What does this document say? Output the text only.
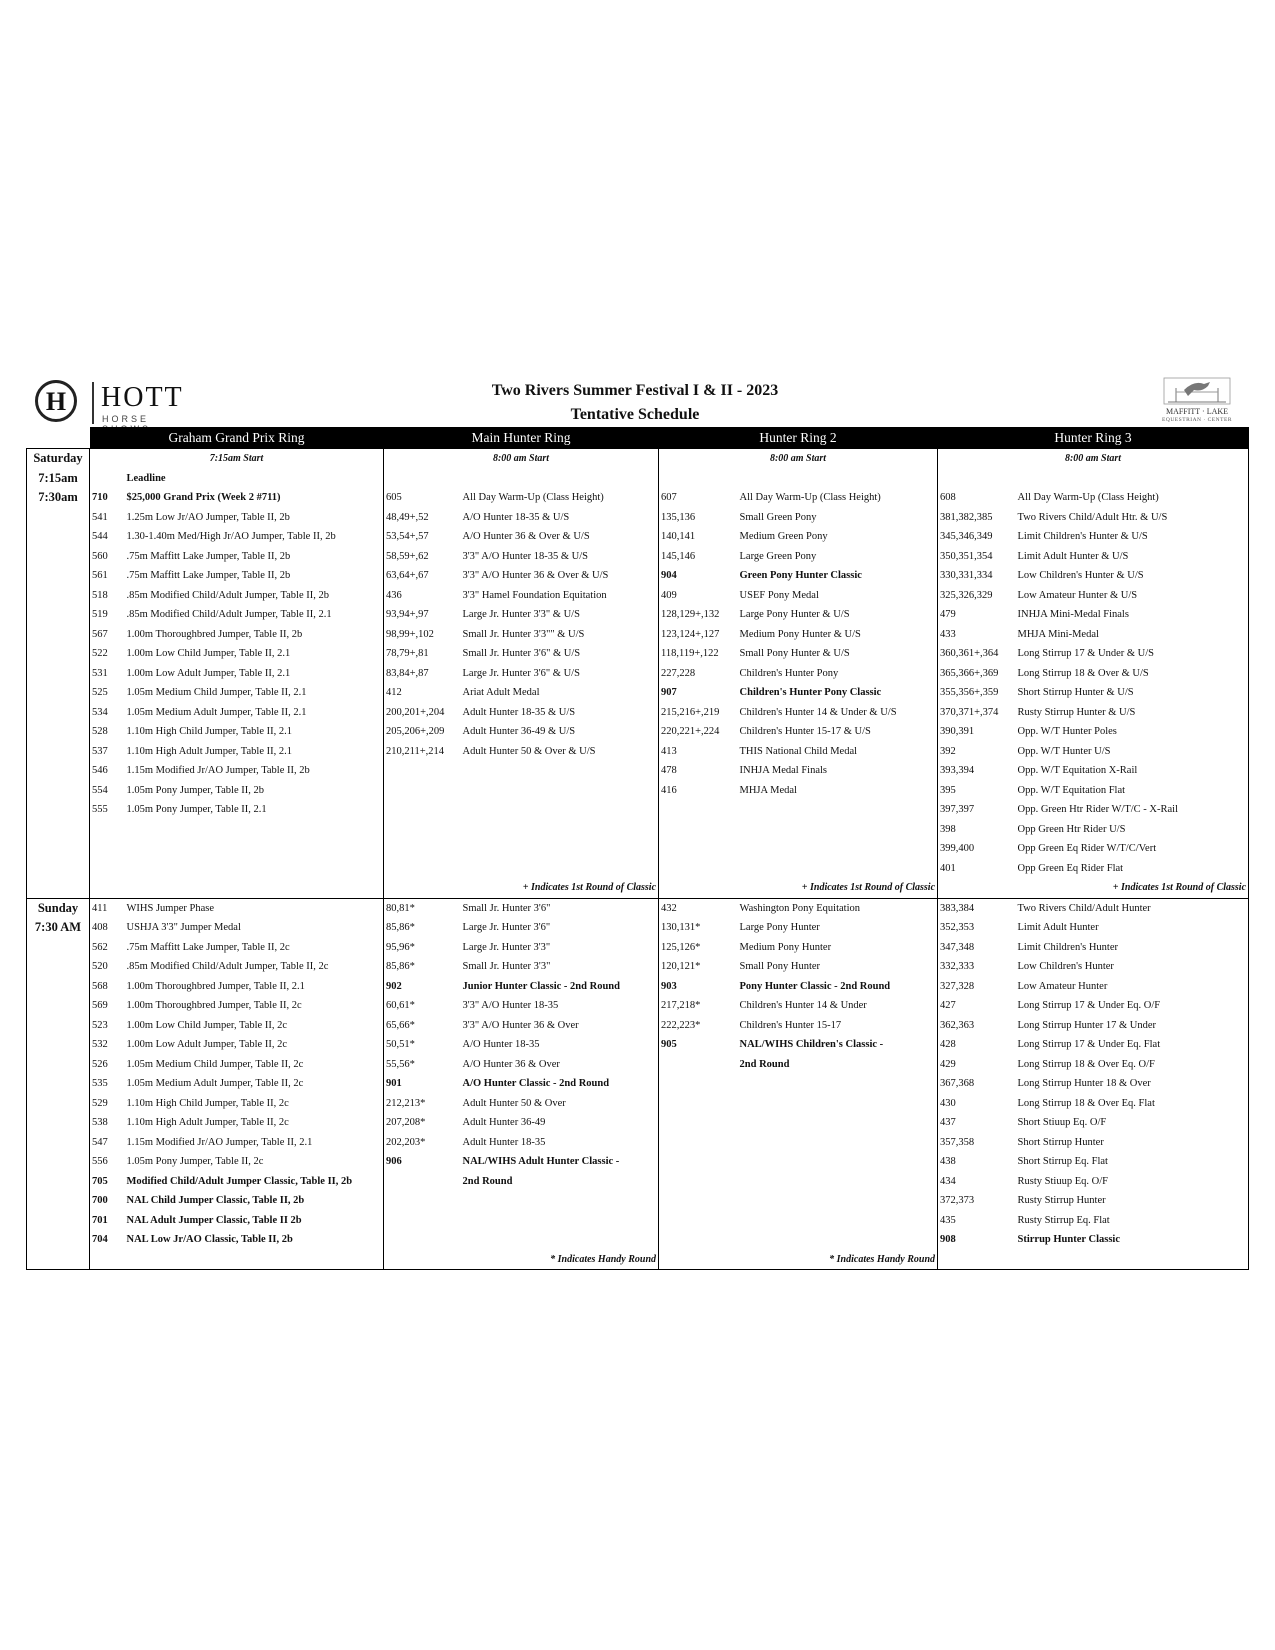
H HOTT
HORSE
Two Rivers Summer Festival I & II - 2023
Tentative Schedule	MAFFITT · LAKE
EQUESTRIAN · CENTER
	Graham Grand Prix Ring		Main Hunter Ring		Hunter Ring 2		Hunter Ring 3	
Saturday	7:15am Start		8:00 am Start		8:00 am Start		8:00 am Start	
7:15am		Leadline						
7:30am	710	$25,000 Grand Prix (Week 2 #711)	605	All Day Warm-Up (Class Height)	607	All Day Warm-Up (Class Height)	608	All Day Warm-Up (Class Height)
	541	1.25m Low Jr/AO Jumper, Table II, 2b	48,49+,52	A/O Hunter 18-35 & U/S	135,136	Small Green Pony	381,382,385	Two Rivers Child/Adult Htr. & U/S
	544	1.30-1.40m Med/High Jr/AO Jumper, Table II, 2b	53,54+,57	A/O Hunter 36 & Over & U/S	140,141	Medium Green Pony	345,346,349	Limit Children's Hunter & U/S
	560	.75m Maffitt Lake Jumper, Table II, 2b	58,59+,62	3'3" A/O Hunter 18-35 & U/S	145,146	Large Green Pony	350,351,354	Limit Adult Hunter & U/S
	561	.75m Maffitt Lake Jumper, Table II, 2b	63,64+,67	3'3" A/O Hunter 36 & Over & U/S	904	Green Pony Hunter Classic	330,331,334	Low Children's Hunter & U/S
	518	.85m Modified Child/Adult Jumper, Table II, 2b	436	3'3" Hamel Foundation Equitation	409	USEF Pony Medal	325,326,329	Low Amateur Hunter & U/S
	519	.85m Modified Child/Adult Jumper, Table II, 2.1	93,94+,97	Large Jr. Hunter 3'3" & U/S	128,129+,132	Large Pony Hunter & U/S	479	INHJA Mini-Medal Finals
	567	1.00m Thoroughbred Jumper, Table II, 2b	98,99+,102	Small Jr. Hunter 3'3"" & U/S	123,124+,127	Medium Pony Hunter & U/S	433	MHJA Mini-Medal
	522	1.00m Low Child Jumper, Table II, 2.1	78,79+,81	Small Jr. Hunter 3'6" & U/S	118,119+,122	Small Pony Hunter & U/S	360,361+,364	Long Stirrup 17 & Under & U/S
	531	1.00m Low Adult Jumper, Table II, 2.1	83,84+,87	Large Jr. Hunter 3'6" & U/S	227,228	Children's Hunter Pony	365,366+,369	Long Stirrup 18 & Over & U/S
	525	1.05m Medium Child Jumper, Table II, 2.1	412	Ariat Adult Medal	907	Children's Hunter Pony Classic	355,356+,359	Short Stirrup Hunter & U/S
	534	1.05m Medium Adult Jumper, Table II, 2.1	200,201+,204	Adult Hunter 18-35 & U/S	215,216+,219	Children's Hunter 14 & Under & U/S	370,371+,374	Rusty Stirrup Hunter & U/S
	528	1.10m High Child Jumper, Table II, 2.1	205,206+,209	Adult Hunter 36-49 & U/S	220,221+,224	Children's Hunter 15-17 & U/S	390,391	Opp. W/T Hunter Poles
	537	1.10m High Adult Jumper, Table II, 2.1	210,211+,214	Adult Hunter 50 & Over & U/S	413	THIS National Child Medal	392	Opp. W/T Hunter U/S
	546	1.15m Modified Jr/AO Jumper, Table II, 2b			478	INHJA Medal Finals	393,394	Opp. W/T Equitation X-Rail
	554	1.05m Pony Jumper, Table II, 2b			416	MHJA Medal	395	Opp. W/T Equitation Flat
	555	1.05m Pony Jumper, Table II, 2.1					397,397	Opp. Green Htr Rider W/T/C - X-Rail
							398	Opp Green Htr Rider U/S
							399,400	Opp Green Eq Rider W/T/C/Vert
							401	Opp Green Eq Rider Flat
			+ Indicates 1st Round of Classic		+ Indicates 1st Round of Classic		+ Indicates 1st Round of Classic	
Sunday	411	WIHS Jumper Phase	80,81*	Small Jr. Hunter 3'6"	432	Washington Pony Equitation	383,384	Two Rivers Child/Adult Hunter
7:30 AM	408	USHJA 3'3" Jumper Medal	85,86*	Large Jr. Hunter 3'6"	130,131*	Large Pony Hunter	352,353	Limit Adult Hunter
	562	.75m Maffitt Lake Jumper, Table II, 2c	95,96*	Large Jr. Hunter 3'3"	125,126*	Medium Pony Hunter	347,348	Limit Children's Hunter
	520	.85m Modified Child/Adult Jumper, Table II, 2c	85,86*	Small Jr. Hunter 3'3"	120,121*	Small Pony Hunter	332,333	Low Children's Hunter
	568	1.00m Thoroughbred Jumper, Table II, 2.1	902	Junior Hunter Classic - 2nd Round	903	Pony Hunter Classic - 2nd Round	327,328	Low Amateur Hunter
	569	1.00m Thoroughbred Jumper, Table II, 2c	60,61*	3'3" A/O Hunter 18-35	217,218*	Children's Hunter 14 & Under	427	Long Stirrup 17 & Under Eq. O/F
	523	1.00m Low Child Jumper, Table II, 2c	65,66*	3'3" A/O Hunter 36 & Over	222,223*	Children's Hunter 15-17	362,363	Long Stirrup Hunter 17 & Under
	532	1.00m Low Adult Jumper, Table II, 2c	50,51*	A/O Hunter 18-35	905	NAL/WIHS Children's Classic -	428	Long Stirrup 17 & Under Eq. Flat
	526	1.05m Medium Child Jumper, Table II, 2c	55,56*	A/O Hunter 36 & Over		2nd Round	429	Long Stirrup 18 & Over Eq. O/F
	535	1.05m Medium Adult Jumper, Table II, 2c	901	A/O Hunter Classic - 2nd Round			367,368	Long Stirrup Hunter 18 & Over
	529	1.10m High Child Jumper, Table II, 2c	212,213*	Adult Hunter 50 & Over			430	Long Stirrup 18 & Over Eq. Flat
	538	1.10m High Adult Jumper, Table II, 2c	207,208*	Adult Hunter 36-49			437	Short Stiuup Eq. O/F
	547	1.15m Modified Jr/AO Jumper, Table II, 2.1	202,203*	Adult Hunter 18-35			357,358	Short Stirrup Hunter
	556	1.05m Pony Jumper, Table II, 2c	906	NAL/WIHS Adult Hunter Classic -			438	Short Stirrup Eq. Flat
	705	Modified Child/Adult Jumper Classic, Table II, 2b		2nd Round			434	Rusty Stiuup Eq. O/F
	700	NAL Child Jumper Classic, Table II, 2b					372,373	Rusty Stirrup Hunter
	701	NAL Adult Jumper Classic, Table II 2b					435	Rusty Stirrup Eq. Flat
	704	NAL Low Jr/AO Classic, Table II, 2b					908	Stirrup Hunter Classic
			* Indicates Handy Round		* Indicates Handy Round			
